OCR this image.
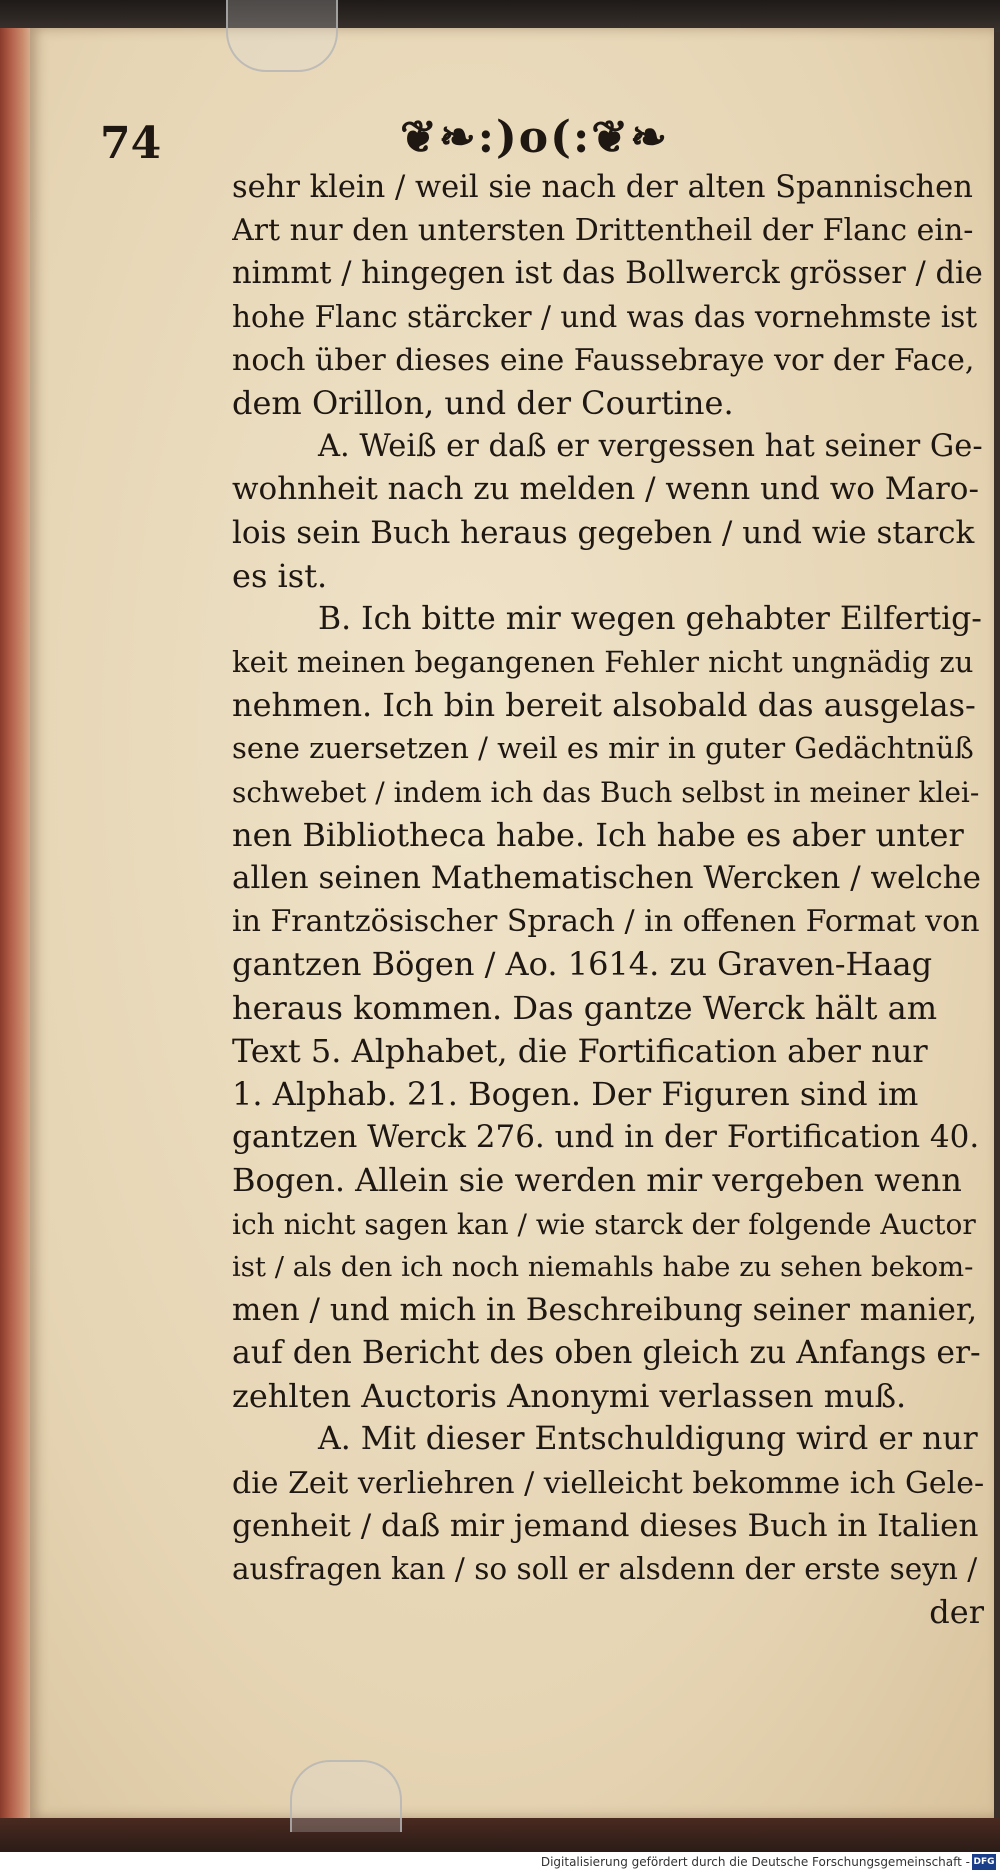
74	❦❧:)o(:❦❧
sehr klein / weil sie nach der alten Spannischen
Art nur den untersten Drittentheil der Flanc ein-
nimmt / hingegen ist das Bollwerck grösser / die
hohe Flanc stärcker / und was das vornehmste ist
noch über dieses eine Faussebraye vor der Face,
dem Orillon, und der Courtine.
A. Weiß er daß er vergessen hat seiner Ge-
wohnheit nach zu melden / wenn und wo Maro-
lois sein Buch heraus gegeben / und wie starck
es ist.
B. Ich bitte mir wegen gehabter Eilfertig-
keit meinen begangenen Fehler nicht ungnädig zu
nehmen. Ich bin bereit alsobald das ausgelas-
sene zuersetzen / weil es mir in guter Gedächtnüß
schwebet / indem ich das Buch selbst in meiner klei-
nen Bibliotheca habe. Ich habe es aber unter
allen seinen Mathematischen Wercken / welche
in Frantzösischer Sprach / in offenen Format von
gantzen Bögen / Ao. 1614. zu Graven-Haag
heraus kommen. Das gantze Werck hält am
Text 5. Alphabet, die Fortification aber nur
1. Alphab. 21. Bogen. Der Figuren sind im
gantzen Werck 276. und in der Fortification 40.
Bogen. Allein sie werden mir vergeben wenn
ich nicht sagen kan / wie starck der folgende Auctor
ist / als den ich noch niemahls habe zu sehen bekom-
men / und mich in Beschreibung seiner manier,
auf den Bericht des oben gleich zu Anfangs er-
zehlten Auctoris Anonymi verlassen muß.
A. Mit dieser Entschuldigung wird er nur
die Zeit verliehren / vielleicht bekomme ich Gele-
genheit / daß mir jemand dieses Buch in Italien
ausfragen kan / so soll er alsdenn der erste seyn /
der
Digitalisierung gefördert durch die Deutsche Forschungsgemeinschaft - DFG
